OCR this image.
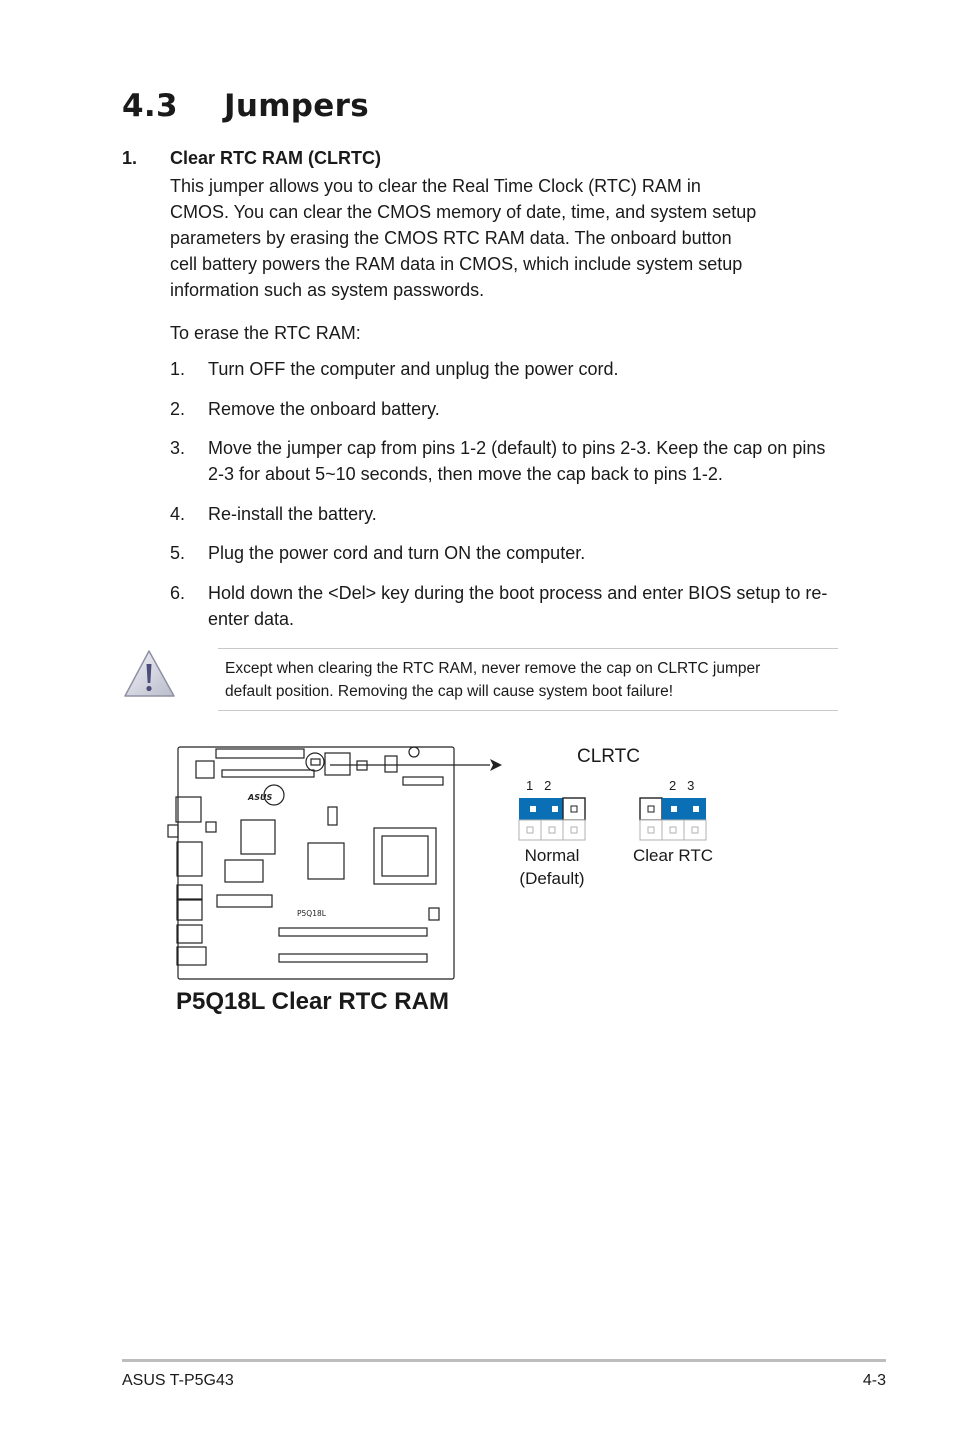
4.3 Jumpers
1. Clear RTC RAM (CLRTC)

This jumper allows you to clear the Real Time Clock (RTC) RAM in

CMOS. You can clear the CMOS memory of date, time, and system setup

parameters by erasing the CMOS RTC RAM data. The onboard button

cell battery powers the RAM data in CMOS, which include system setup

information such as system passwords.

To erase the RTC RAM:
1. Turn OFF the computer and unplug the power cord.
2. Remove the onboard battery.
3. Move the jumper cap from pins 1-2 (default) to pins 2-3. Keep the cap on pins 2-3 for about 5~10 seconds, then move the cap back to pins 1-2.
4. Re-install the battery.
5. Plug the power cord and turn ON the computer.
6. Hold down the <Del> key during the boot process and enter BIOS setup to re-enter data.
Except when clearing the RTC RAM, never remove the cap on CLRTC jumper
default position. Removing the cap will cause system boot failure!
ASUS
P5Q18L
CLRTC
1   2	2   3
Normal
(Default)
Clear RTC
P5Q18L Clear RTC RAM
ASUS T-P5G43	4-3
